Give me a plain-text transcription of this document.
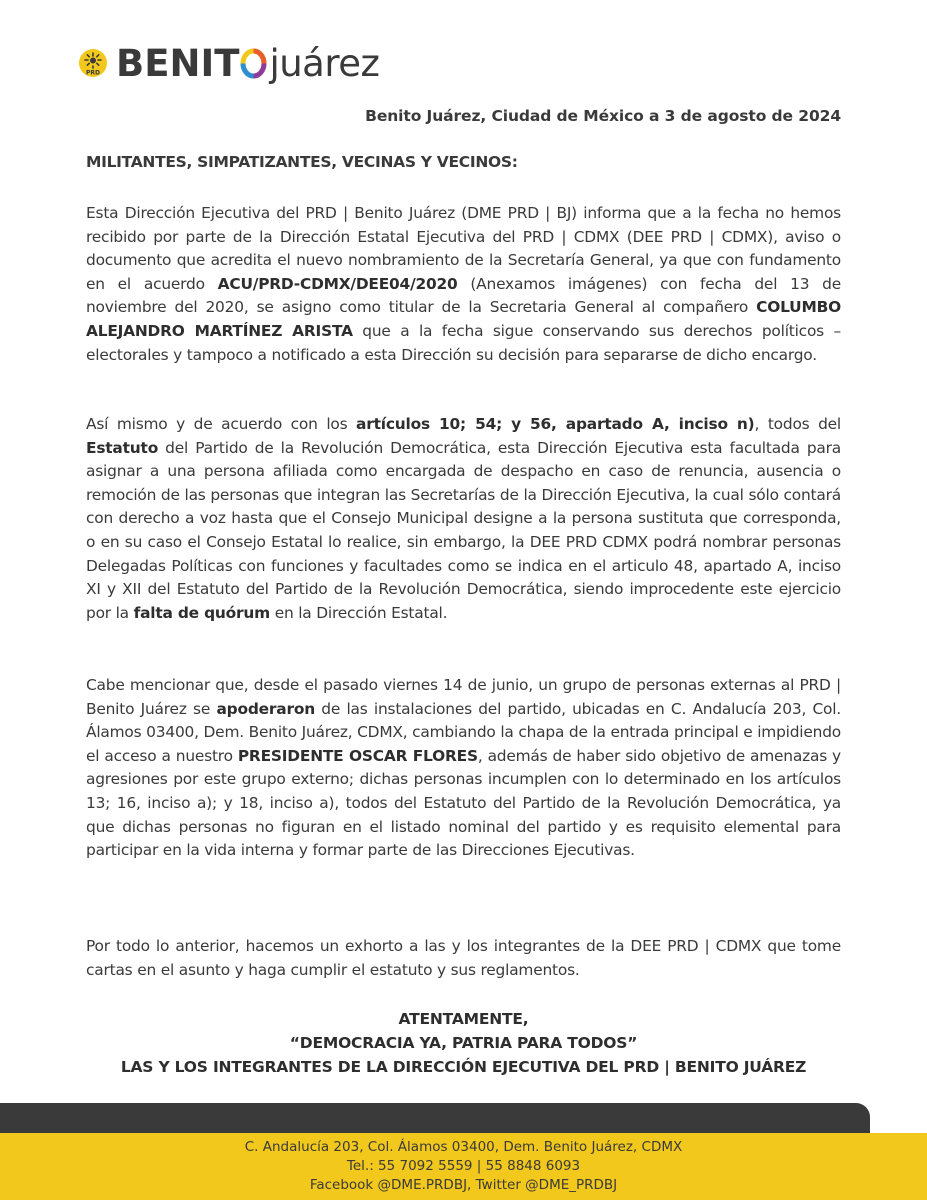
PRD BENIT juárez
Benito Juárez, Ciudad de México a 3 de agosto de 2024
MILITANTES, SIMPATIZANTES, VECINAS Y VECINOS:
Esta Dirección Ejecutiva del PRD | Benito Juárez (DME PRD | BJ) informa que a la fecha no hemos recibido por parte de la Dirección Estatal Ejecutiva del PRD | CDMX (DEE PRD | CDMX), aviso o documento que acredita el nuevo nombramiento de la Secretaría General, ya que con fundamento en el acuerdo ACU/PRD-CDMX/DEE04/2020 (Anexamos imágenes) con fecha del 13 de noviembre del 2020, se asigno como titular de la Secretaria General al compañero COLUMBO ALEJANDRO MARTÍNEZ ARISTA que a la fecha sigue conservando sus derechos políticos – electorales y tampoco a notificado a esta Dirección su decisión para separarse de dicho encargo.
Así mismo y de acuerdo con los artículos 10; 54; y 56, apartado A, inciso n), todos del Estatuto del Partido de la Revolución Democrática, esta Dirección Ejecutiva esta facultada para asignar a una persona afiliada como encargada de despacho en caso de renuncia, ausencia o remoción de las personas que integran las Secretarías de la Dirección Ejecutiva, la cual sólo contará con derecho a voz hasta que el Consejo Municipal designe a la persona sustituta que corresponda, o en su caso el Consejo Estatal lo realice, sin embargo, la DEE PRD CDMX podrá nombrar personas Delegadas Políticas con funciones y facultades como se indica en el articulo 48, apartado A, inciso XI y XII del Estatuto del Partido de la Revolución Democrática, siendo improcedente este ejercicio por la falta de quórum en la Dirección Estatal.
Cabe mencionar que, desde el pasado viernes 14 de junio, un grupo de personas externas al PRD | Benito Juárez se apoderaron de las instalaciones del partido, ubicadas en C. Andalucía 203, Col. Álamos 03400, Dem. Benito Juárez, CDMX, cambiando la chapa de la entrada principal e impidiendo el acceso a nuestro PRESIDENTE OSCAR FLORES, además de haber sido objetivo de amenazas y agresiones por este grupo externo; dichas personas incumplen con lo determinado en los artículos 13; 16, inciso a); y 18, inciso a), todos del Estatuto del Partido de la Revolución Democrática, ya que dichas personas no figuran en el listado nominal del partido y es requisito elemental para participar en la vida interna y formar parte de las Direcciones Ejecutivas.
Por todo lo anterior, hacemos un exhorto a las y los integrantes de la DEE PRD | CDMX que tome cartas en el asunto y haga cumplir el estatuto y sus reglamentos.
ATENTAMENTE,
“DEMOCRACIA YA, PATRIA PARA TODOS”
LAS Y LOS INTEGRANTES DE LA DIRECCIÓN EJECUTIVA DEL PRD | BENITO JUÁREZ
C. Andalucía 203, Col. Álamos 03400, Dem. Benito Juárez, CDMX
Tel.: 55 7092 5559 | 55 8848 6093
Facebook @DME.PRDBJ, Twitter @DME_PRDBJ
